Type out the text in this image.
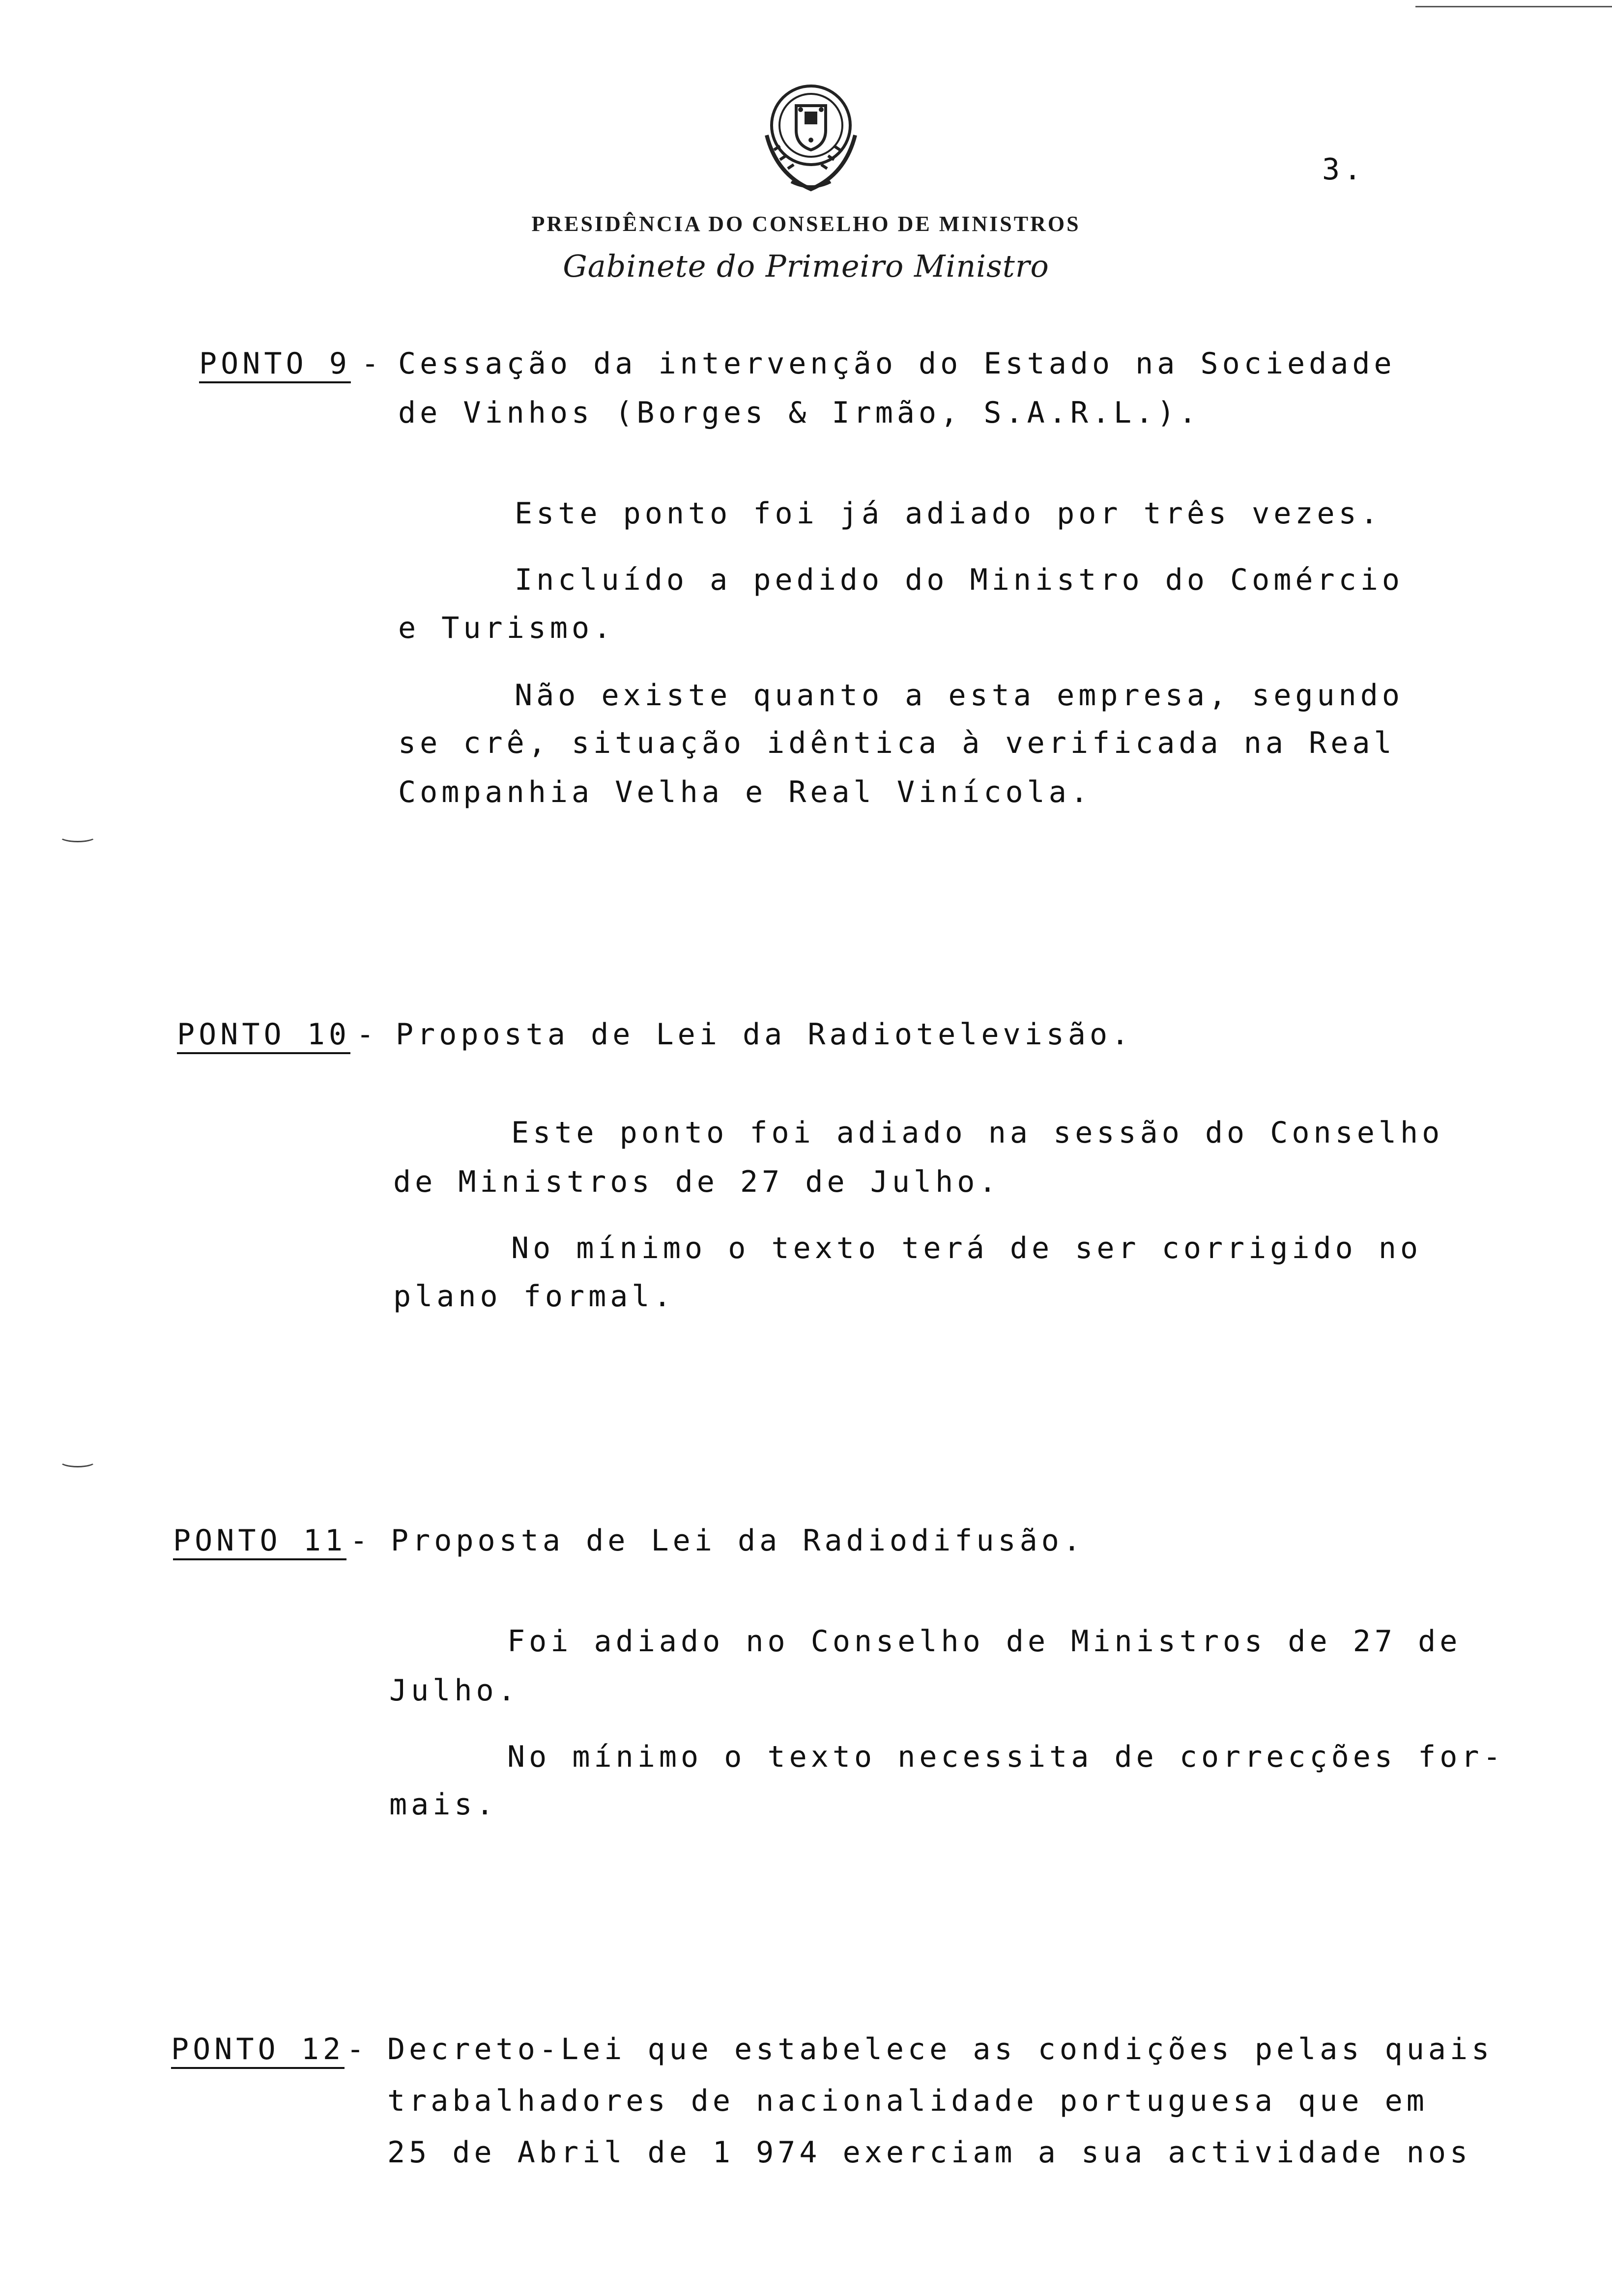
3.
PRESIDÊNCIA DO CONSELHO DE MINISTROS
Gabinete do Primeiro Ministro
PONTO 9 - Cessação da intervenção do Estado na Sociedade
de Vinhos (Borges & Irmão, S.A.R.L.).
Este ponto foi já adiado por três vezes.
Incluído a pedido do Ministro do Comércio
e Turismo.
Não existe quanto a esta empresa, segundo
se crê, situação idêntica à verificada na Real
Companhia Velha e Real Vinícola.
PONTO 10 - Proposta de Lei da Radiotelevisão.
Este ponto foi adiado na sessão do Conselho
de Ministros de 27 de Julho.
No mínimo o texto terá de ser corrigido no
plano formal.
PONTO 11 - Proposta de Lei da Radiodifusão.
Foi adiado no Conselho de Ministros de 27 de
Julho.
No mínimo o texto necessita de correcções for-
mais.
PONTO 12 - Decreto-Lei que estabelece as condições pelas quais
trabalhadores de nacionalidade portuguesa que em
25 de Abril de 1 974 exerciam a sua actividade nos
